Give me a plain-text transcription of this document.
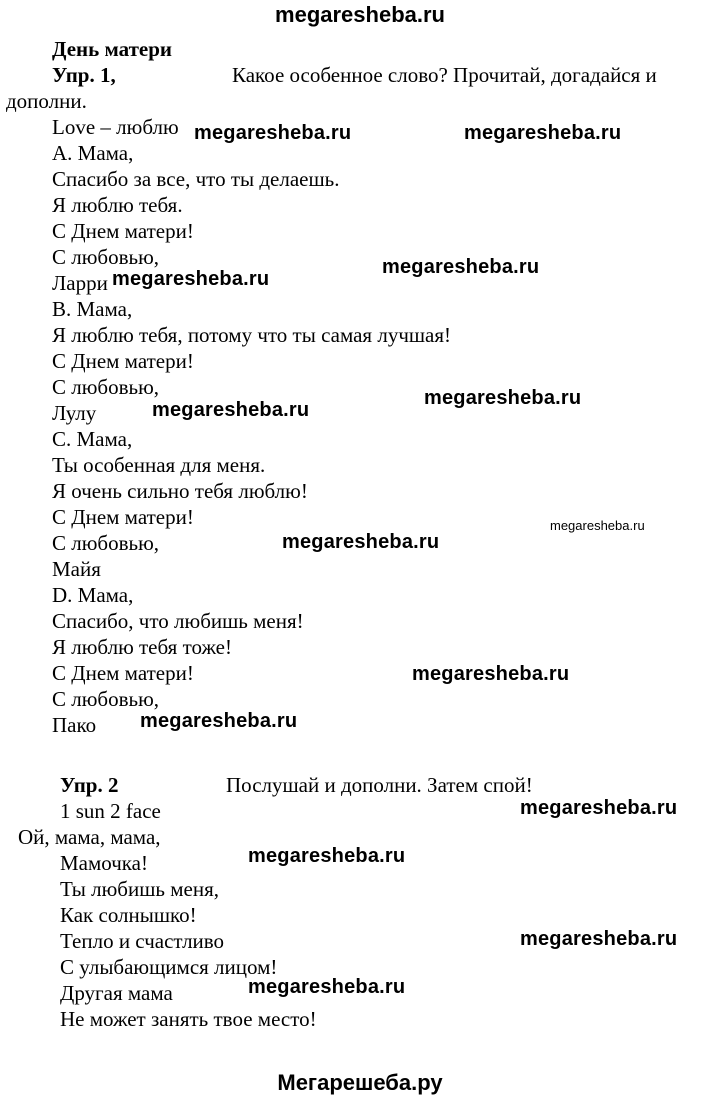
megaresheba.ru
День матери
Упр. 1,	Какое особенное слово? Прочитай, догадайся и
дополни.
Love – люблю
A. Мама,
Спасибо за все, что ты делаешь.
Я люблю тебя.
С Днем матери!
С любовью,
Ларри
B. Мама,
Я люблю тебя, потому что ты самая лучшая!
С Днем матери!
С любовью,
Лулу
C. Мама,
Ты особенная для меня.
Я очень сильно тебя люблю!
С Днем матери!
С любовью,
Майя
D. Мама,
Спасибо, что любишь меня!
Я люблю тебя тоже!
С Днем матери!
С любовью,
Пако
Упр. 2	Послушай и дополни. Затем спой!
1 sun 2 face
Ой, мама, мама,
Мамочка!
Ты любишь меня,
Как солнышко!
Тепло и счастливо
С улыбающимся лицом!
Другая мама
Не может занять твое место!
megaresheba.ru	megaresheba.ru
megaresheba.ru
megaresheba.ru
megaresheba.ru
megaresheba.ru
megaresheba.ru
megaresheba.ru
megaresheba.ru
megaresheba.ru
megaresheba.ru
megaresheba.ru
megaresheba.ru
megaresheba.ru
Мегарешеба.ру
